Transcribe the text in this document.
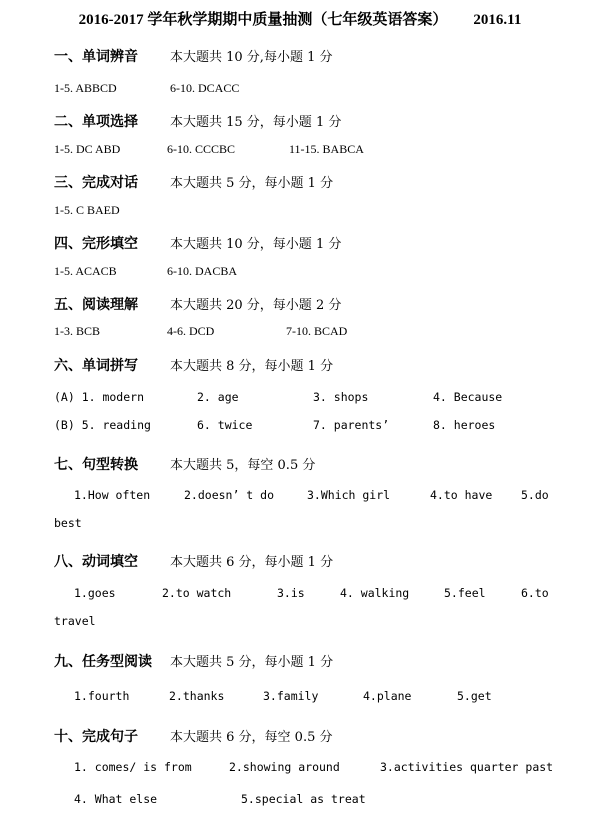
2016-2017 学年秋学期期中质量抽测（七年级英语答案） 2016.11
一、单词辨音 本大题共 10 分,每小题 1 分
1-5. ABBCD	6-10. DCACC
二、单项选择 本大题共 15 分，每小题 1 分
1-5. DC ABD	6-10. CCCBC	11-15. BABCA
三、完成对话 本大题共 5 分，每小题 1 分
1-5. C BAED
四、完形填空 本大题共 10 分，每小题 1 分
1-5. ACACB	6-10. DACBA
五、阅读理解 本大题共 20 分，每小题 2 分
1-3. BCB	4-6. DCD	7-10. BCAD
六、单词拼写 本大题共 8 分，每小题 1 分
(A) 1. modern	2. age	3. shops	4. Because
(B) 5. reading	6. twice	7. parents’	8. heroes
七、句型转换 本大题共 5，每空 0.5 分
1.How often	2.doesn’ t do	3.Which girl	4.to have 5.do
best
八、动词填空 本大题共 6 分，每小题 1 分
1.goes	2.to watch	3.is	4. walking	5.feel	6.to
travel
九、任务型阅读 本大题共 5 分，每小题 1 分
1.fourth	2.thanks	3.family	4.plane	5.get
十、完成句子 本大题共 6 分，每空 0.5 分
1. comes/ is from	2.showing around	3.activities quarter past
4. What else	5.special as treat
